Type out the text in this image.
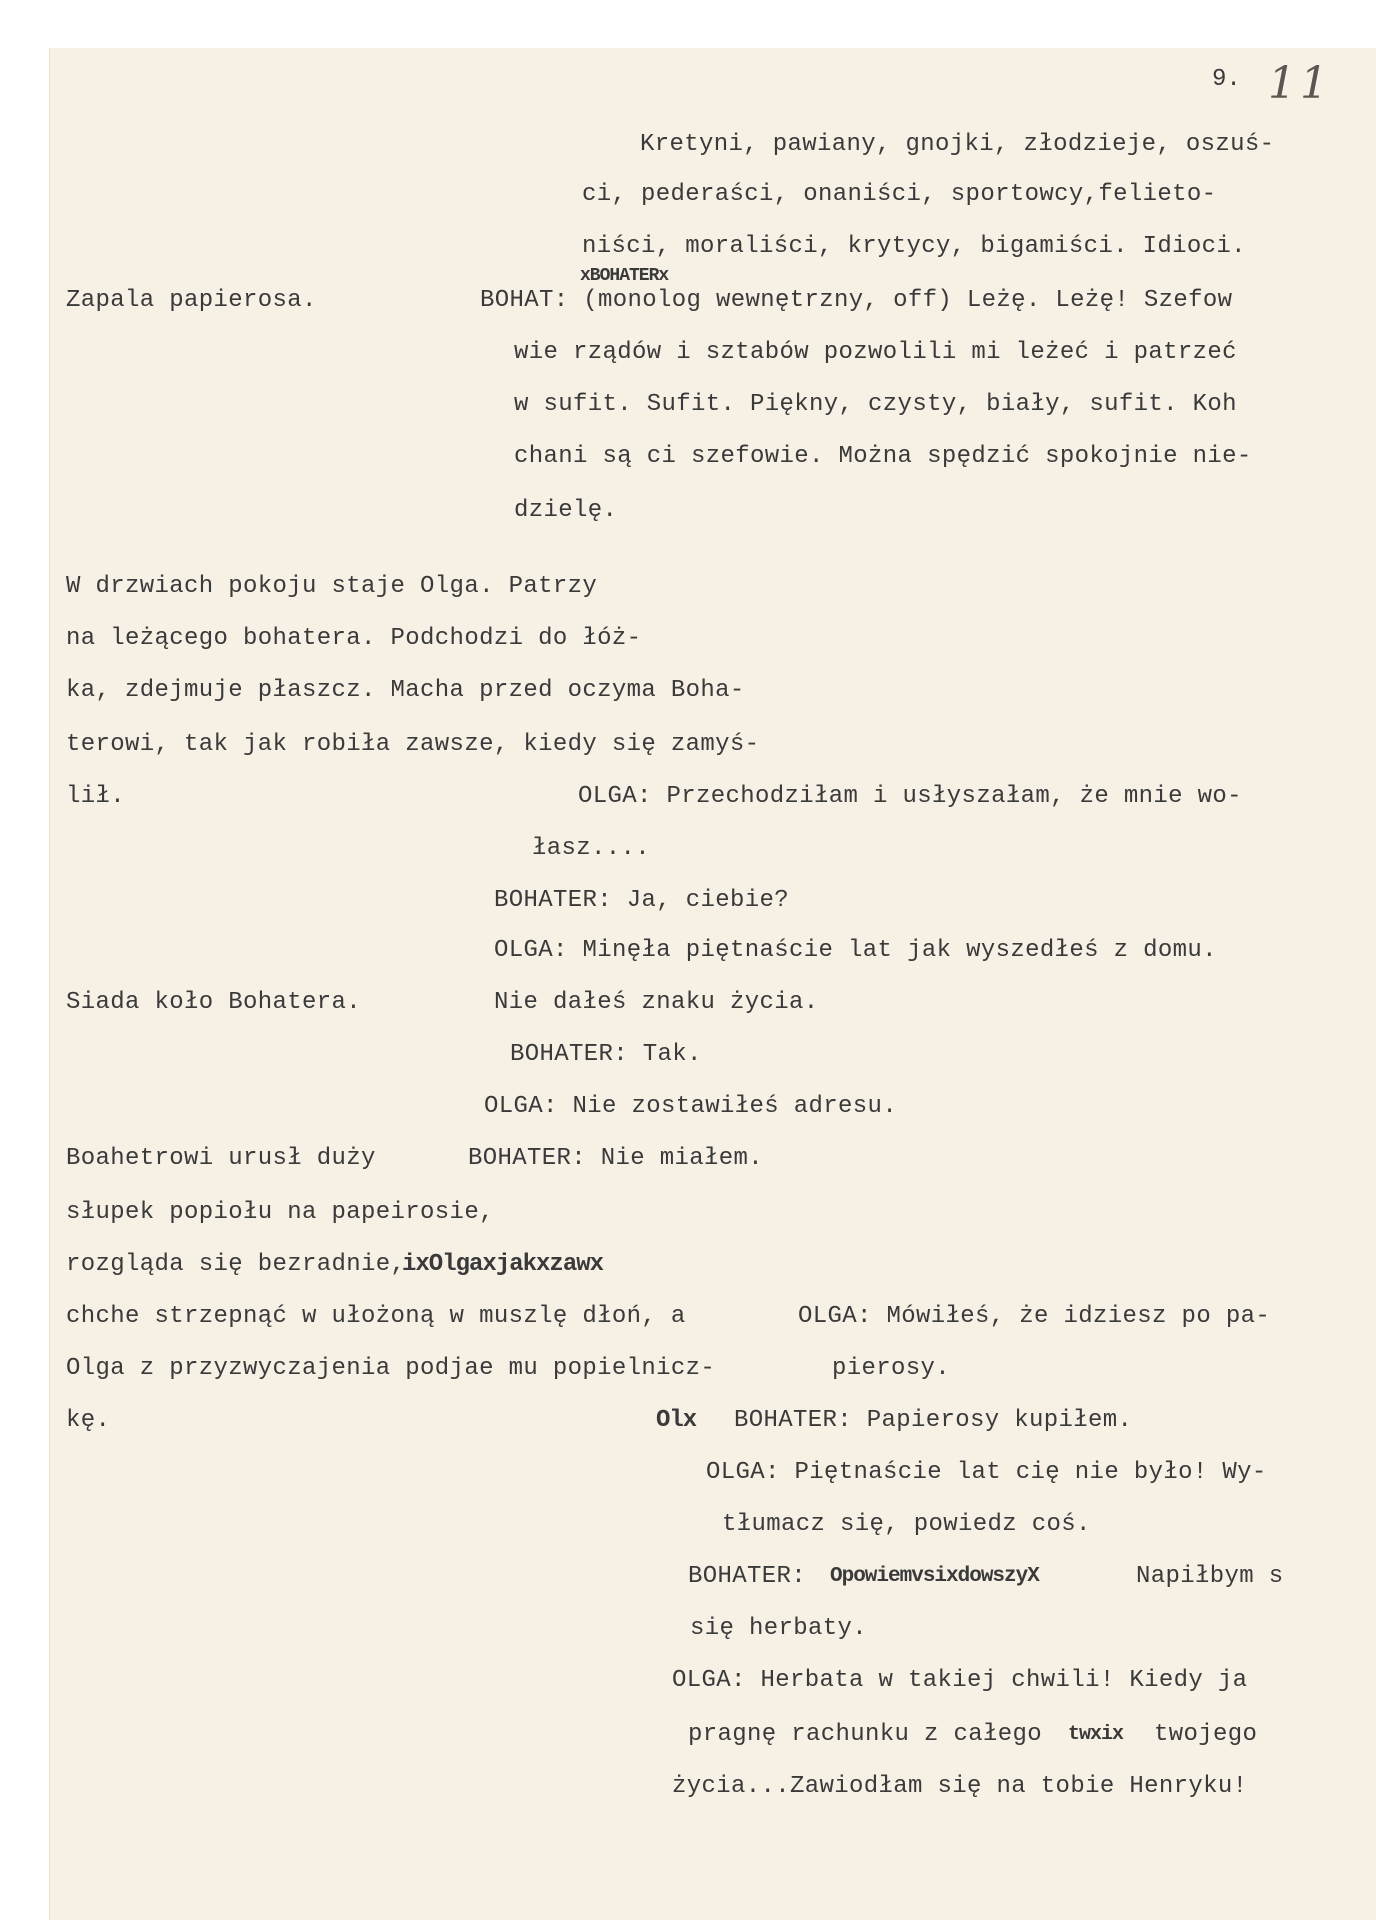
9. 11
Kretyni, pawiany, gnojki, złodzieje, oszuś-
ci, pederaści, onaniści, sportowcy,felieto-
niści, moraliści, krytycy, bigamiści. Idioci.
xBOHATERx
Zapala papierosa.	BOHAT: (monolog wewnętrzny, off) Leżę. Leżę! Szefow
wie rządów i sztabów pozwolili mi leżeć i patrzeć
w sufit. Sufit. Piękny, czysty, biały, sufit. Koh
chani są ci szefowie. Można spędzić spokojnie nie-
dzielę.
W drzwiach pokoju staje Olga. Patrzy
na leżącego bohatera. Podchodzi do łóż-
ka, zdejmuje płaszcz. Macha przed oczyma Boha-
terowi, tak jak robiła zawsze, kiedy się zamyś-
lił.	OLGA: Przechodziłam i usłyszałam, że mnie wo-
łasz....
BOHATER: Ja, ciebie?
OLGA: Minęła piętnaście lat jak wyszedłeś z domu.
Siada koło Bohatera.	Nie dałeś znaku życia.
BOHATER: Tak.
OLGA: Nie zostawiłeś adresu.
Boahetrowi urusł duży	BOHATER: Nie miałem.
słupek popiołu na papeirosie,
rozgląda się bezradnie,
ixOlgaxjakxzawx
chche strzepnąć w ułożoną w muszlę dłoń, a	OLGA: Mówiłeś, że idziesz po pa-
Olga z przyzwyczajenia podjae mu popielnicz-	pierosy.
kę.	Olx BOHATER: Papierosy kupiłem.
OLGA: Piętnaście lat cię nie było! Wy-
tłumacz się, powiedz coś.
BOHATER: OpowiemvsixdowszyX	Napiłbym s
się herbaty.
OLGA: Herbata w takiej chwili! Kiedy ja
pragnę rachunku z całego twxix twojego
życia...Zawiodłam się na tobie Henryku!
